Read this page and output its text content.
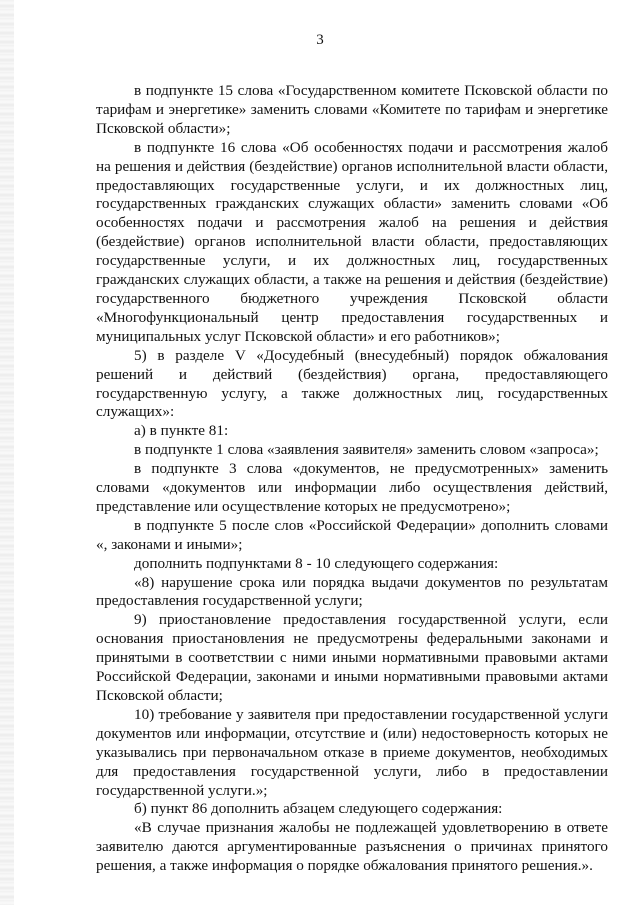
3

в подпункте 15 слова «Государственном комитете Псковской области по тарифам и энергетике» заменить словами «Комитете по тарифам и энергетике Псковской области»;

в подпункте 16 слова «Об особенностях подачи и рассмотрения жалоб на решения и действия (бездействие) органов исполнительной власти области, предоставляющих государственные услуги, и их должностных лиц, государственных гражданских служащих области» заменить словами «Об особенностях подачи и рассмотрения жалоб на решения и действия (бездействие) органов исполнительной власти области, предоставляющих государственные услуги, и их должностных лиц, государственных гражданских служащих области, а также на решения и действия (бездействие) государственного бюджетного учреждения Псковской области «Многофункциональный центр предоставления государственных и муниципальных услуг Псковской области» и его работников»;

5) в разделе V «Досудебный (внесудебный) порядок обжалования решений и действий (бездействия) органа, предоставляющего государственную услугу, а также должностных лиц, государственных служащих»:

а) в пункте 81:

в подпункте 1 слова «заявления заявителя» заменить словом «запроса»;

в подпункте 3 слова «документов, не предусмотренных» заменить словами «документов или информации либо осуществления действий, представление или осуществление которых не предусмотрено»;

в подпункте 5 после слов «Российской Федерации» дополнить словами «, законами и иными»;

дополнить подпунктами 8 - 10 следующего содержания:

«8) нарушение срока или порядка выдачи документов по результатам предоставления государственной услуги;

9) приостановление предоставления государственной услуги, если основания приостановления не предусмотрены федеральными законами и принятыми в соответствии с ними иными нормативными правовыми актами Российской Федерации, законами и иными нормативными правовыми актами Псковской области;

10) требование у заявителя при предоставлении государственной услуги документов или информации, отсутствие и (или) недостоверность которых не указывались при первоначальном отказе в приеме документов, необходимых для предоставления государственной услуги, либо в предоставлении государственной услуги.»;

б) пункт 86 дополнить абзацем следующего содержания:

«В случае признания жалобы не подлежащей удовлетворению в ответе заявителю даются аргументированные разъяснения о причинах принятого решения, а также информация о порядке обжалования принятого решения.».
